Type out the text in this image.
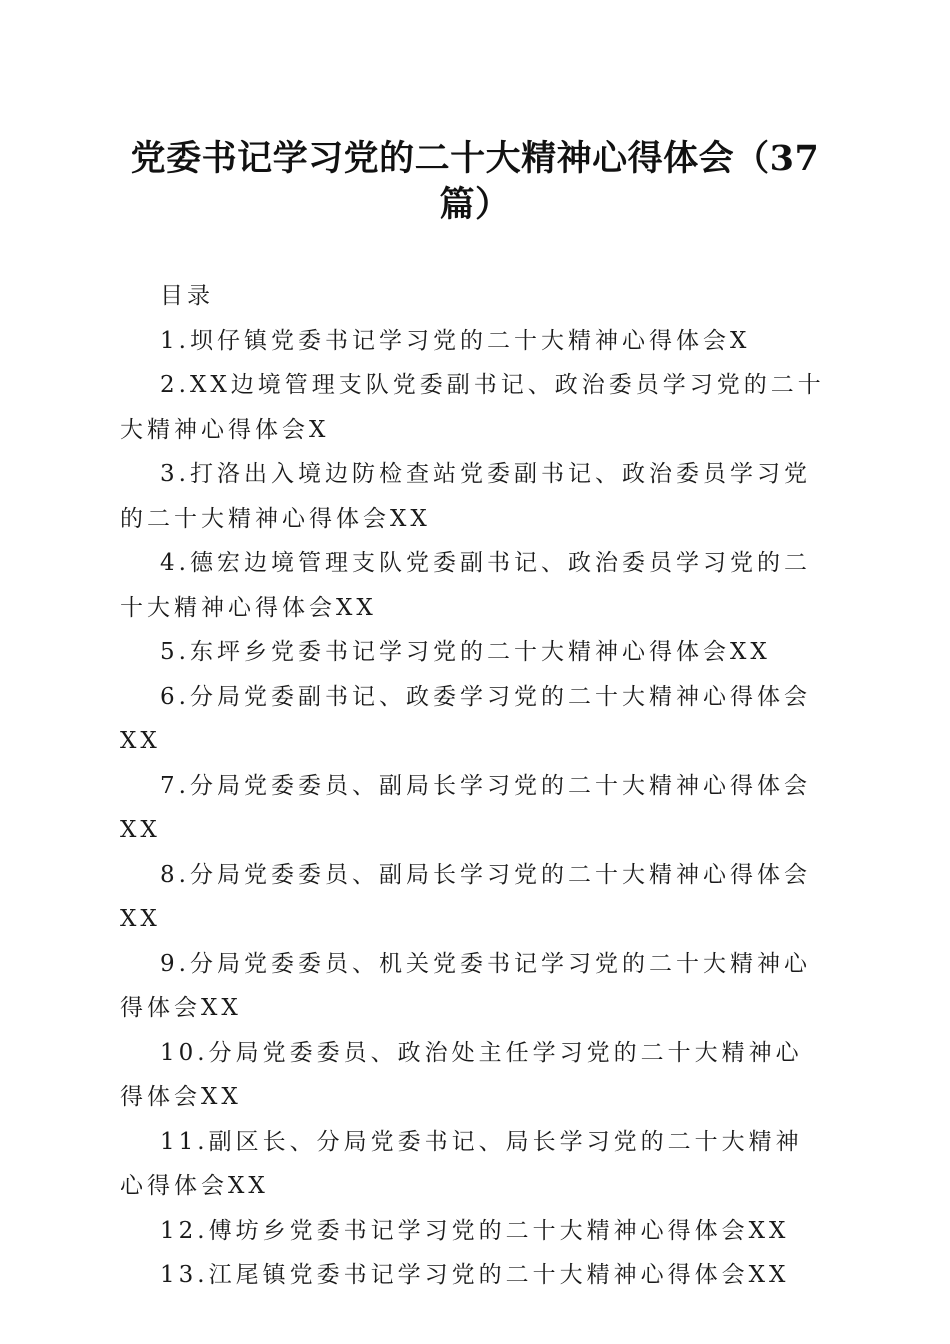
党委书记学习党的二十大精神心得体会（37篇）
目录
1.坝仔镇党委书记学习党的二十大精神心得体会X
2.XX边境管理支队党委副书记、政治委员学习党的二十大精神心得体会X
3.打洛出入境边防检查站党委副书记、政治委员学习党的二十大精神心得体会XX
4.德宏边境管理支队党委副书记、政治委员学习党的二十大精神心得体会XX
5.东坪乡党委书记学习党的二十大精神心得体会XX
6.分局党委副书记、政委学习党的二十大精神心得体会XX
7.分局党委委员、副局长学习党的二十大精神心得体会XX
8.分局党委委员、副局长学习党的二十大精神心得体会XX
9.分局党委委员、机关党委书记学习党的二十大精神心得体会XX
10.分局党委委员、政治处主任学习党的二十大精神心得体会XX
11.副区长、分局党委书记、局长学习党的二十大精神心得体会XX
12.傅坊乡党委书记学习党的二十大精神心得体会XX
13.江尾镇党委书记学习党的二十大精神心得体会XX
